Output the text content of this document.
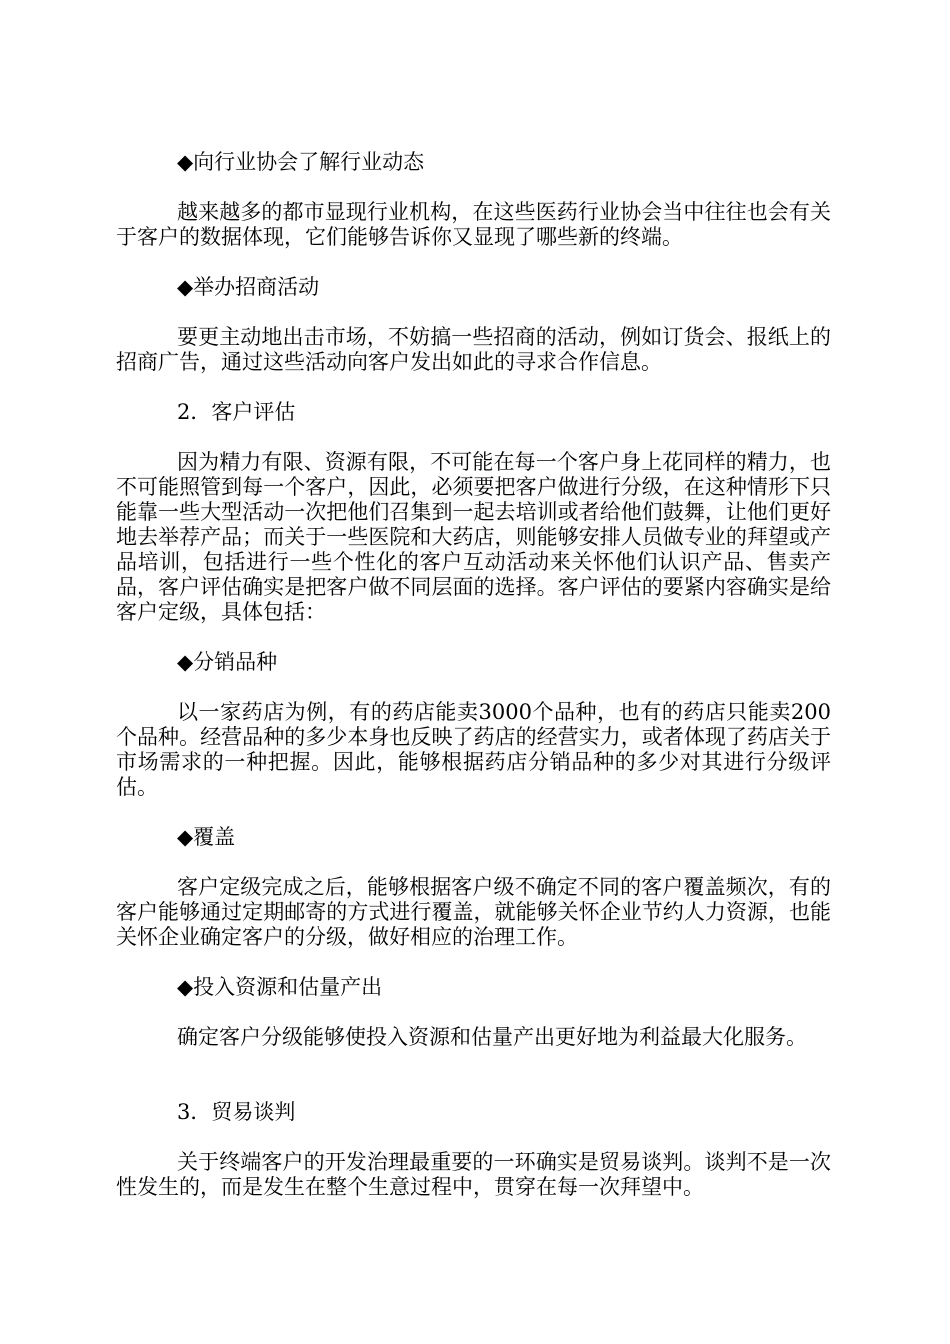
◆向行业协会了解行业动态
越来越多的都市显现行业机构，在这些医药行业协会当中往往也会有关于客户的数据体现，它们能够告诉你又显现了哪些新的终端。
◆举办招商活动
要更主动地出击市场，不妨搞一些招商的活动，例如订货会、报纸上的招商广告，通过这些活动向客户发出如此的寻求合作信息。
2．客户评估
因为精力有限、资源有限，不可能在每一个客户身上花同样的精力，也不可能照管到每一个客户，因此，必须要把客户做进行分级，在这种情形下只能靠一些大型活动一次把他们召集到一起去培训或者给他们鼓舞，让他们更好地去举荐产品；而关于一些医院和大药店，则能够安排人员做专业的拜望或产品培训，包括进行一些个性化的客户互动活动来关怀他们认识产品、售卖产品，客户评估确实是把客户做不同层面的选择。客户评估的要紧内容确实是给客户定级，具体包括：
◆分销品种
以一家药店为例，有的药店能卖3000个品种，也有的药店只能卖200个品种。经营品种的多少本身也反映了药店的经营实力，或者体现了药店关于市场需求的一种把握。因此，能够根据药店分销品种的多少对其进行分级评估。
◆覆盖
客户定级完成之后，能够根据客户级不确定不同的客户覆盖频次，有的客户能够通过定期邮寄的方式进行覆盖，就能够关怀企业节约人力资源，也能关怀企业确定客户的分级，做好相应的治理工作。
◆投入资源和估量产出
确定客户分级能够使投入资源和估量产出更好地为利益最大化服务。
3．贸易谈判
关于终端客户的开发治理最重要的一环确实是贸易谈判。谈判不是一次性发生的，而是发生在整个生意过程中，贯穿在每一次拜望中。
